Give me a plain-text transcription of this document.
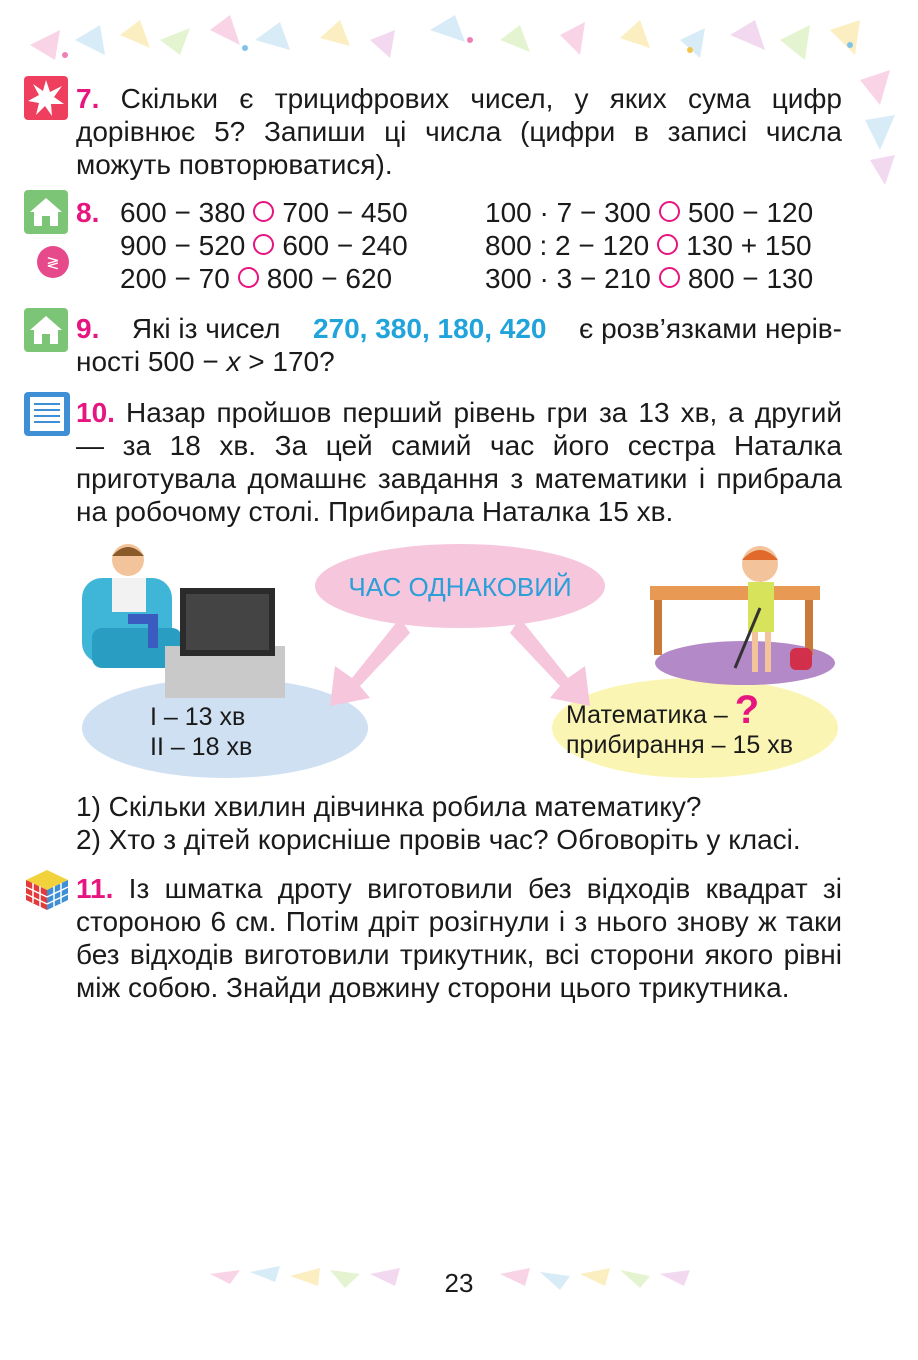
7. Скільки є трицифрових чисел, у яких сума цифр дорівнює 5? Запиши ці числа (цифри в записі числа можуть повторюватися).
≷
8. 600 − 380 700 − 450
900 − 520 600 − 240
200 − 70 800 − 620
100 · 7 − 300 500 − 120
800 : 2 − 120 130 + 150
300 · 3 − 210 800 − 130
9. Які із чисел 270, 380, 180, 420 є розв’язками нерів-
ності 500 − x > 170?
10. Назар пройшов перший рівень гри за 13 хв, а другий — за 18 хв. За цей самий час його сестра Наталка приготувала домашнє завдання з математики і прибрала на робочому столі. Прибирала Наталка 15 хв.
ЧАС ОДНАКОВИЙ
I – 13 хв
II – 18 хв
Математика – ?
прибирання – 15 хв
1) Скільки хвилин дівчинка робила математику?
2) Хто з дітей корисніше провів час? Обговоріть у класі.
11. Із шматка дроту виготовили без відходів квадрат зі стороною 6 см. Потім дріт розігнули і з нього знову ж таки без відходів виготовили трикутник, всі сторони якого рівні між собою. Знайди довжину сторони цього трикутника.
23
